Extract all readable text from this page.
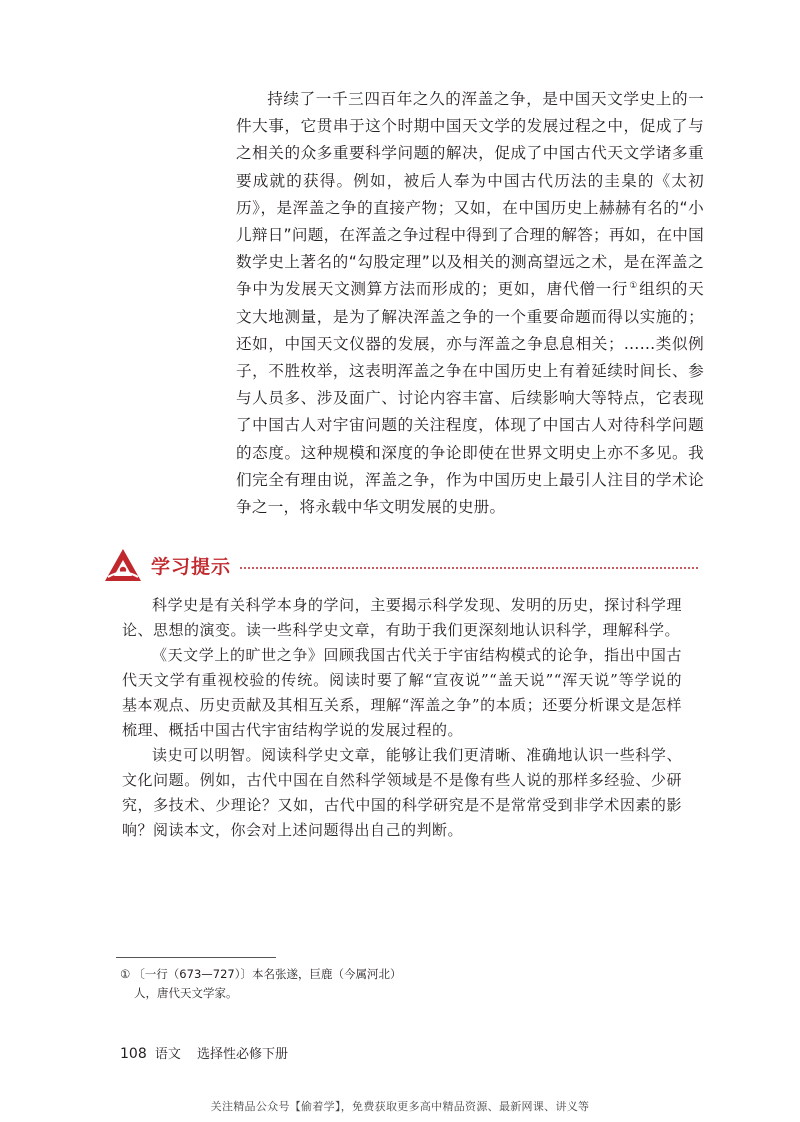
持续了一千三四百年之久的浑盖之争，是中国天文学史上的一件大事，它贯串于这个时期中国天文学的发展过程之中，促成了与之相关的众多重要科学问题的解决，促成了中国古代天文学诸多重要成就的获得。例如，被后人奉为中国古代历法的圭臬的《太初历》，是浑盖之争的直接产物；又如，在中国历史上赫赫有名的“小儿辩日”问题，在浑盖之争过程中得到了合理的解答；再如，在中国数学史上著名的“勾股定理”以及相关的测高望远之术，是在浑盖之争中为发展天文测算方法而形成的；更如，唐代僧一行①组织的天文大地测量，是为了解决浑盖之争的一个重要命题而得以实施的；还如，中国天文仪器的发展，亦与浑盖之争息息相关；……类似例子，不胜枚举，这表明浑盖之争在中国历史上有着延续时间长、参与人员多、涉及面广、讨论内容丰富、后续影响大等特点，它表现了中国古人对宇宙问题的关注程度，体现了中国古人对待科学问题的态度。这种规模和深度的争论即使在世界文明史上亦不多见。我们完全有理由说，浑盖之争，作为中国历史上最引人注目的学术论争之一，将永载中华文明发展的史册。

学习提示

科学史是有关科学本身的学问，主要揭示科学发现、发明的历史，探讨科学理论、思想的演变。读一些科学史文章，有助于我们更深刻地认识科学，理解科学。

《天文学上的旷世之争》回顾我国古代关于宇宙结构模式的论争，指出中国古代天文学有重视校验的传统。阅读时要了解“宣夜说”“盖天说”“浑天说”等学说的基本观点、历史贡献及其相互关系，理解“浑盖之争”的本质；还要分析课文是怎样梳理、概括中国古代宇宙结构学说的发展过程的。

读史可以明智。阅读科学史文章，能够让我们更清晰、准确地认识一些科学、文化问题。例如，古代中国在自然科学领域是不是像有些人说的那样多经验、少研究，多技术、少理论？又如，古代中国的科学研究是不是常常受到非学术因素的影响？阅读本文，你会对上述问题得出自己的判断。

① 〔一行（673—727）〕本名张遂，巨鹿（今属河北）
人，唐代天文学家。
108 语文 选择性必修下册
关注精品公众号【偷着学】，免费获取更多高中精品资源、最新网课、讲义等
